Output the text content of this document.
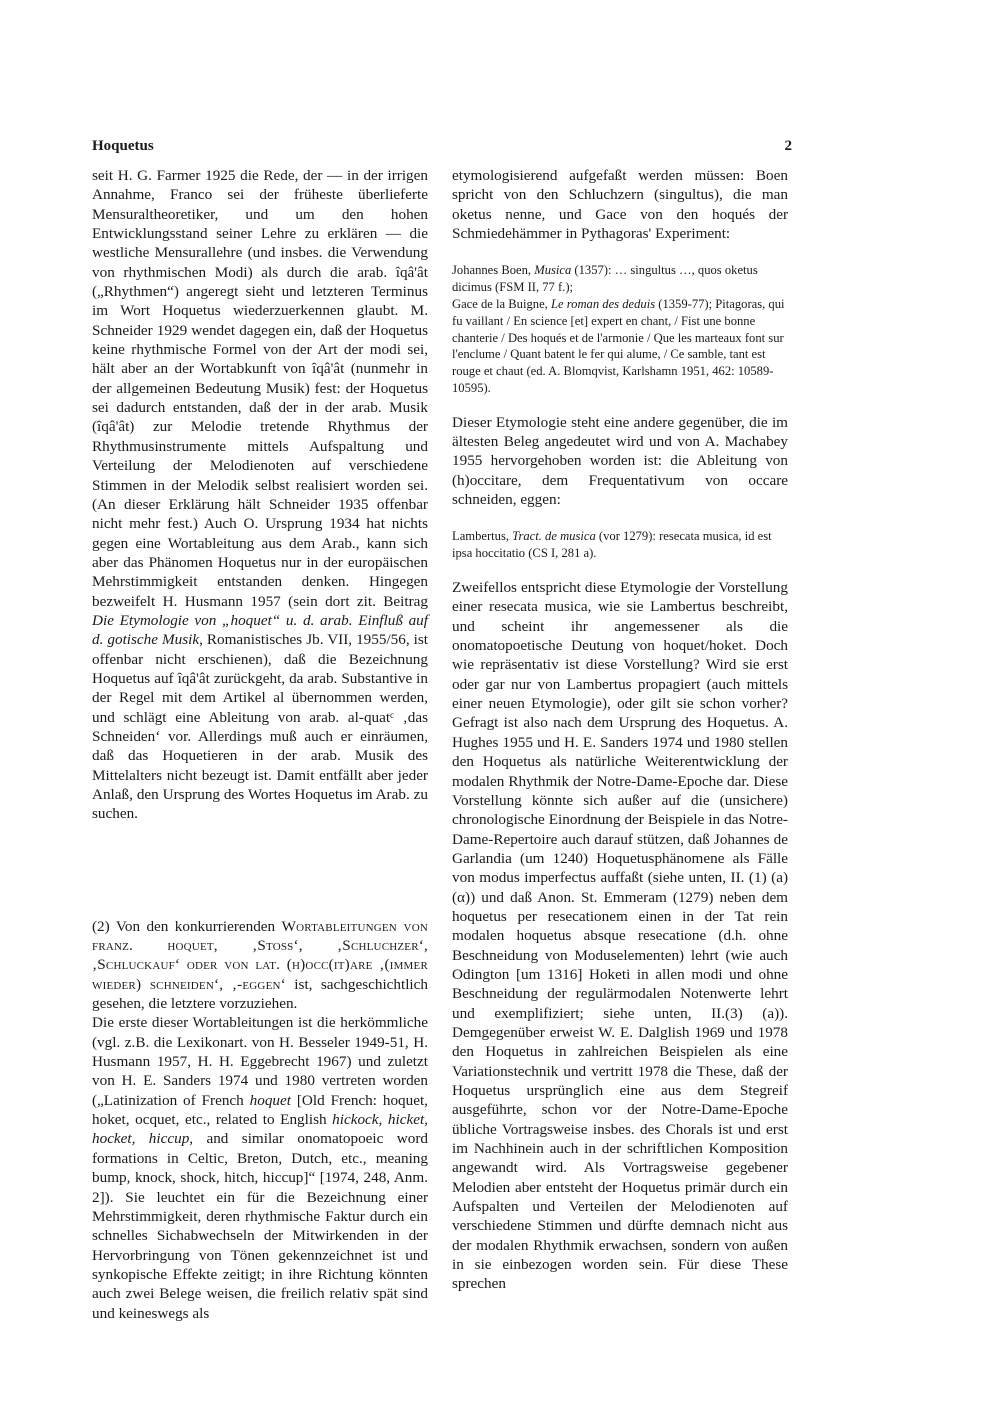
Hoquetus	2

seit H. G. Farmer 1925 die Rede, der — in der irrigen Annahme, Franco sei der früheste überlieferte Mensuraltheoretiker, und um den hohen Entwicklungsstand seiner Lehre zu erklären — die westliche Mensurallehre (und insbes. die Verwendung von rhythmischen Modi) als durch die arab. îqâ'ât („Rhythmen“) angeregt sieht und letzteren Terminus im Wort Hoquetus wiederzuerkennen glaubt. M. Schneider 1929 wendet dagegen ein, daß der Hoquetus keine rhythmische Formel von der Art der modi sei, hält aber an der Wortabkunft von îqâ'ât (nunmehr in der allgemeinen Bedeutung Musik) fest: der Hoquetus sei dadurch entstanden, daß der in der arab. Musik (îqâ'ât) zur Melodie tretende Rhythmus der Rhythmusinstrumente mittels Aufspaltung und Verteilung der Melodienoten auf verschiedene Stimmen in der Melodik selbst realisiert worden sei. (An dieser Erklärung hält Schneider 1935 offenbar nicht mehr fest.) Auch O. Ursprung 1934 hat nichts gegen eine Wortableitung aus dem Arab., kann sich aber das Phänomen Hoquetus nur in der europäischen Mehrstimmigkeit entstanden denken. Hingegen bezweifelt H. Husmann 1957 (sein dort zit. Beitrag Die Etymologie von „hoquet“ u. d. arab. Einfluß auf d. gotische Musik, Romanistisches Jb. VII, 1955/56, ist offenbar nicht erschienen), daß die Bezeichnung Hoquetus auf îqâ'ât zurückgeht, da arab. Substantive in der Regel mit dem Artikel al übernommen werden, und schlägt eine Ableitung von arab. al-quatᶜ ‚das Schneiden‘ vor. Allerdings muß auch er einräumen, daß das Hoquetieren in der arab. Musik des Mittelalters nicht bezeugt ist. Damit entfällt aber jeder Anlaß, den Ursprung des Wortes Hoquetus im Arab. zu suchen.

(2) Von den konkurrierenden Wortableitungen von franz. hoquet, ‚Stoss‘, ‚Schluchzer‘, ‚Schluckauf‘ oder von lat. (h)occ(it)are ‚(immer wieder) schneiden‘, ‚-eggen‘ ist, sachgeschichtlich gesehen, die letztere vorzuziehen.

Die erste dieser Wortableitungen ist die herkömmliche (vgl. z.B. die Lexikonart. von H. Besseler 1949-51, H. Husmann 1957, H. H. Eggebrecht 1967) und zuletzt von H. E. Sanders 1974 und 1980 vertreten worden („Latinization of French hoquet [Old French: hoquet, hoket, ocquet, etc., related to English hickock, hicket, hocket, hiccup, and similar onomatopoeic word formations in Celtic, Breton, Dutch, etc., meaning bump, knock, shock, hitch, hiccup]“ [1974, 248, Anm. 2]). Sie leuchtet ein für die Bezeichnung einer Mehrstimmigkeit, deren rhythmische Faktur durch ein schnelles Sichabwechseln der Mitwirkenden in der Hervorbringung von Tönen gekennzeichnet ist und synkopische Effekte zeitigt; in ihre Richtung könnten auch zwei Belege weisen, die freilich relativ spät sind und keineswegs als

etymologisierend aufgefaßt werden müssen: Boen spricht von den Schluchzern (singultus), die man oketus nenne, und Gace von den hoqués der Schmiedehämmer in Pythagoras' Experiment:

Johannes Boen, Musica (1357): … singultus …, quos oketus dicimus (FSM II, 77 f.);

Gace de la Buigne, Le roman des deduis (1359-77); Pitagoras, qui fu vaillant / En science [et] expert en chant, / Fist une bonne chanterie / Des hoqués et de l'armonie / Que les marteaux font sur l'enclume / Quant batent le fer qui alume, / Ce samble, tant est rouge et chaut (ed. A. Blomqvist, Karlshamn 1951, 462: 10589-10595).

Dieser Etymologie steht eine andere gegenüber, die im ältesten Beleg angedeutet wird und von A. Machabey 1955 hervorgehoben worden ist: die Ableitung von (h)occitare, dem Frequentativum von occare schneiden, eggen:

Lambertus, Tract. de musica (vor 1279): resecata musica, id est ipsa hoccitatio (CS I, 281 a).

Zweifellos entspricht diese Etymologie der Vorstellung einer resecata musica, wie sie Lambertus beschreibt, und scheint ihr angemessener als die onomatopoetische Deutung von hoquet/hoket. Doch wie repräsentativ ist diese Vorstellung? Wird sie erst oder gar nur von Lambertus propagiert (auch mittels einer neuen Etymologie), oder gilt sie schon vorher? Gefragt ist also nach dem Ursprung des Hoquetus. A. Hughes 1955 und H. E. Sanders 1974 und 1980 stellen den Hoquetus als natürliche Weiterentwicklung der modalen Rhythmik der Notre-Dame-Epoche dar. Diese Vorstellung könnte sich außer auf die (unsichere) chronologische Einordnung der Beispiele in das Notre-Dame-Repertoire auch darauf stützen, daß Johannes de Garlandia (um 1240) Hoquetusphänomene als Fälle von modus imperfectus auffaßt (siehe unten, II. (1) (a) (α)) und daß Anon. St. Emmeram (1279) neben dem hoquetus per resecationem einen in der Tat rein modalen hoquetus absque resecatione (d.h. ohne Beschneidung von Moduselementen) lehrt (wie auch Odington [um 1316] Hoketi in allen modi und ohne Beschneidung der regulärmodalen Notenwerte lehrt und exemplifiziert; siehe unten, II.(3) (a)). Demgegenüber erweist W. E. Dalglish 1969 und 1978 den Hoquetus in zahlreichen Beispielen als eine Variationstechnik und vertritt 1978 die These, daß der Hoquetus ursprünglich eine aus dem Stegreif ausgeführte, schon vor der Notre-Dame-Epoche übliche Vortragsweise insbes. des Chorals ist und erst im Nachhinein auch in der schriftlichen Komposition angewandt wird. Als Vortragsweise gegebener Melodien aber entsteht der Hoquetus primär durch ein Aufspalten und Verteilen der Melodienoten auf verschiedene Stimmen und dürfte demnach nicht aus der modalen Rhythmik erwachsen, sondern von außen in sie einbezogen worden sein. Für diese These sprechen
